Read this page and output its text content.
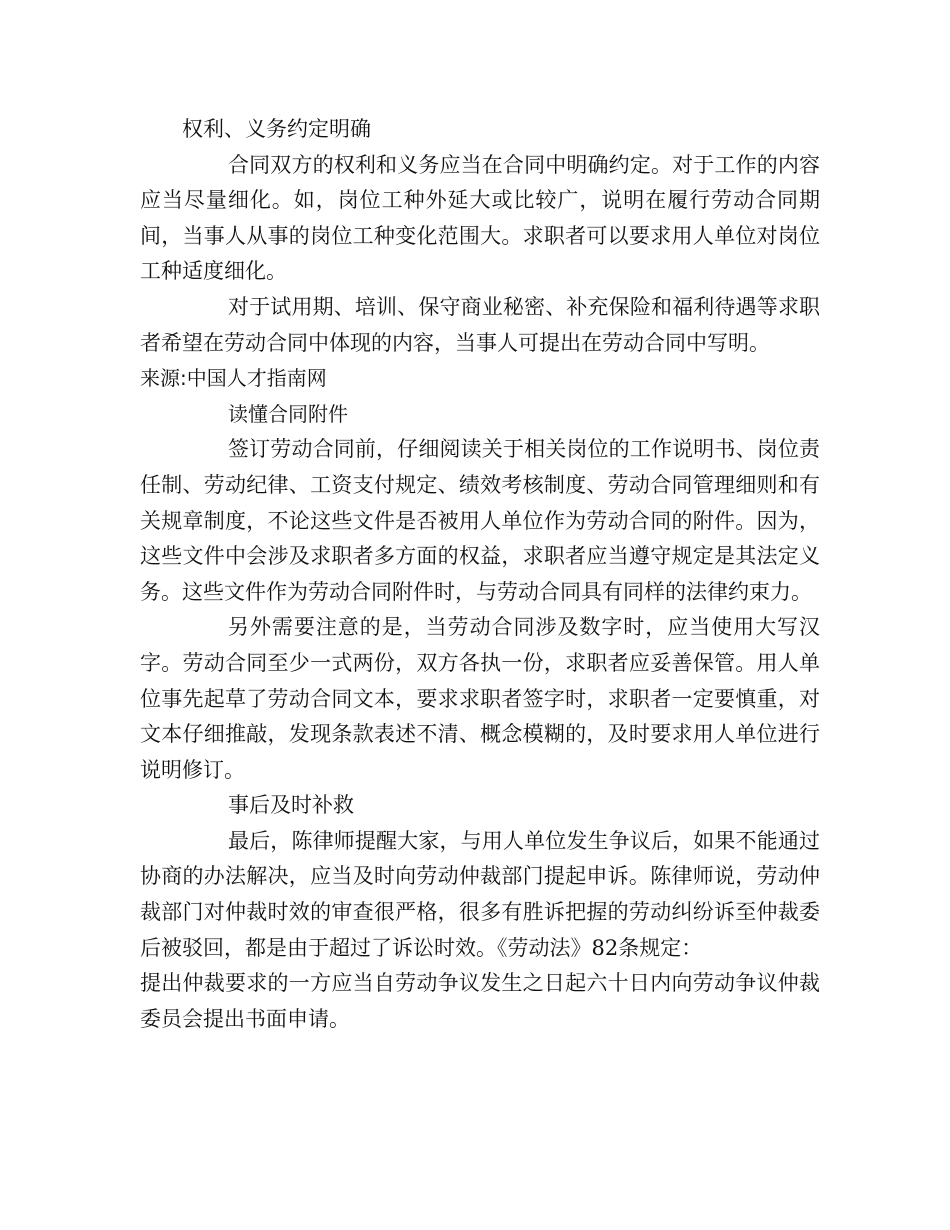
权利、义务约定明确

合同双方的权利和义务应当在合同中明确约定。对于工作的内容应当尽量细化。如，岗位工种外延大或比较广，说明在履行劳动合同期间，当事人从事的岗位工种变化范围大。求职者可以要求用人单位对岗位工种适度细化。

对于试用期、培训、保守商业秘密、补充保险和福利待遇等求职者希望在劳动合同中体现的内容，当事人可提出在劳动合同中写明。

来源:中国人才指南网

读懂合同附件

签订劳动合同前，仔细阅读关于相关岗位的工作说明书、岗位责任制、劳动纪律、工资支付规定、绩效考核制度、劳动合同管理细则和有关规章制度，不论这些文件是否被用人单位作为劳动合同的附件。因为，这些文件中会涉及求职者多方面的权益，求职者应当遵守规定是其法定义务。这些文件作为劳动合同附件时，与劳动合同具有同样的法律约束力。

另外需要注意的是，当劳动合同涉及数字时，应当使用大写汉字。劳动合同至少一式两份，双方各执一份，求职者应妥善保管。用人单位事先起草了劳动合同文本，要求求职者签字时，求职者一定要慎重，对文本仔细推敲，发现条款表述不清、概念模糊的，及时要求用人单位进行说明修订。

事后及时补救

最后，陈律师提醒大家，与用人单位发生争议后，如果不能通过协商的办法解决，应当及时向劳动仲裁部门提起申诉。陈律师说，劳动仲裁部门对仲裁时效的审查很严格，很多有胜诉把握的劳动纠纷诉至仲裁委后被驳回，都是由于超过了诉讼时效。《劳动法》82条规定：

提出仲裁要求的一方应当自劳动争议发生之日起六十日内向劳动争议仲裁委员会提出书面申请。
